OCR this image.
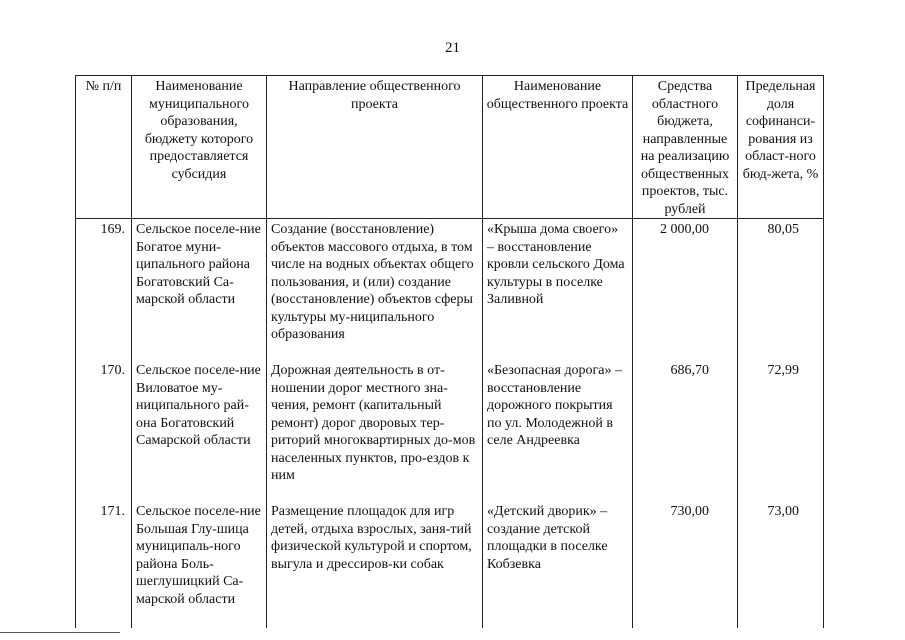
21
№ п/п	Наименование муниципального образования, бюджету которого предоставляется субсидия	Направление общественного проекта	Наименование общественного проекта	Средства областного бюджета, направленные на реализацию общественных проектов, тыс. рублей	Предельная доля софинанси-рования из област-ного бюд-жета, %
169.	Сельское поселе-ние Богатое муни-ципального района Богатовский Са-марской области	Создание (восстановление) объектов массового отдыха, в том числе на водных объектах общего пользования, и (или) создание (восстановление) объектов сферы культуры му-ниципального образования	«Крыша дома своего» – восстановление кровли сельского Дома культуры в поселке Заливной	2 000,00	80,05
170.	Сельское поселе-ние Виловатое му-ниципального рай-она Богатовский Самарской области	Дорожная деятельность в от-ношении дорог местного зна-чения, ремонт (капитальный ремонт) дорог дворовых тер-риторий многоквартирных до-мов населенных пунктов, про-ездов к ним	«Безопасная дорога» – восстановление дорожного покрытия по ул. Молодежной в селе Андреевка	686,70	72,99
171.	Сельское поселе-ние Большая Глу-шица муниципаль-ного района Боль-шеглушицкий Са-марской области	Размещение площадок для игр детей, отдыха взрослых, заня-тий физической культурой и спортом, выгула и дрессиров-ки собак	«Детский дворик» – создание детской площадки в поселке Кобзевка	730,00	73,00
